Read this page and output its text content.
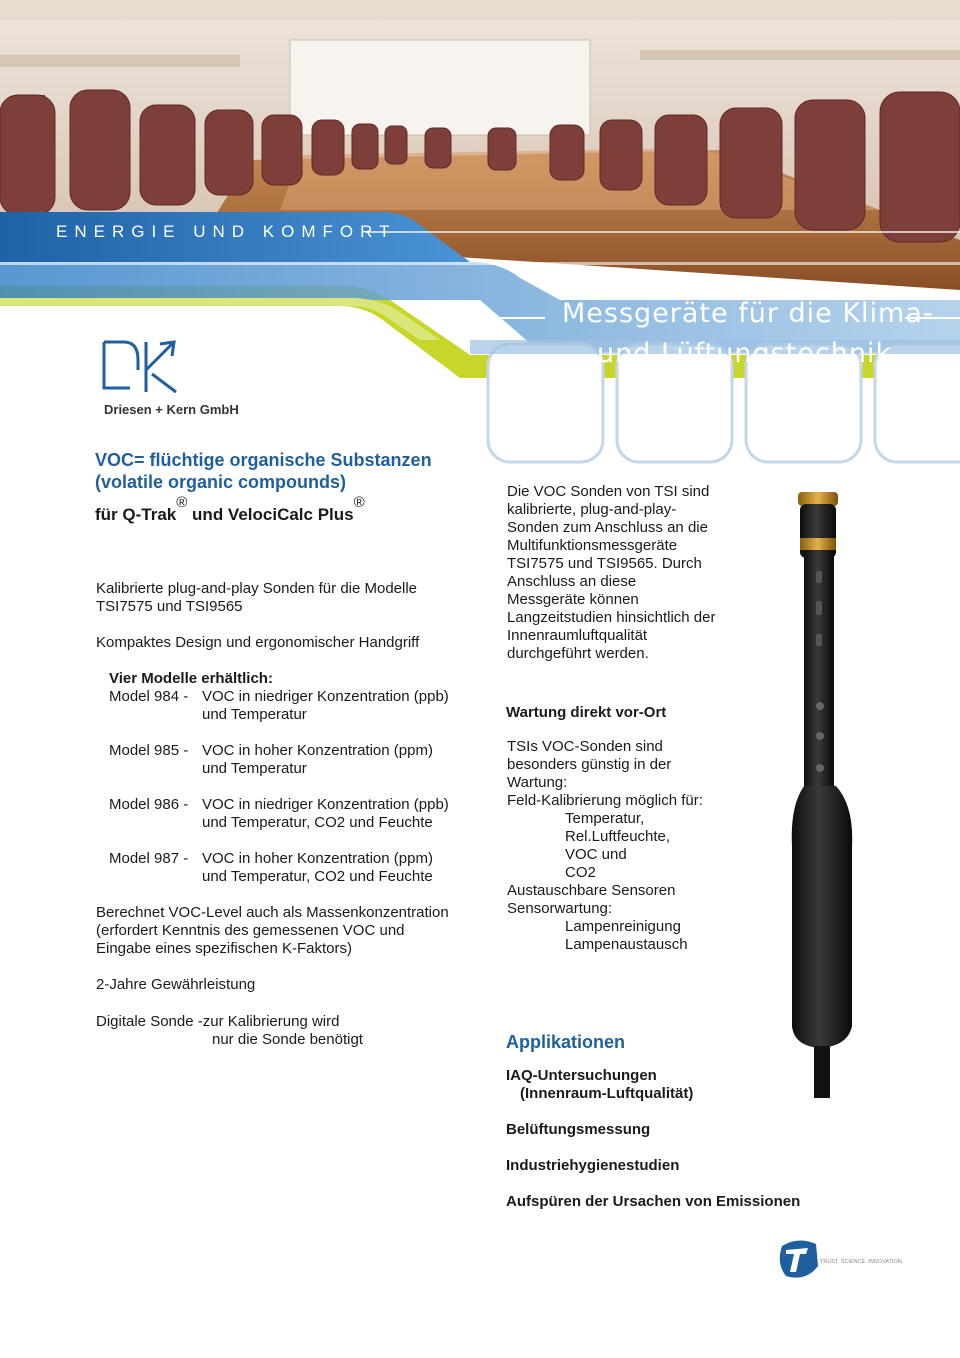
ENERGIE UND KOMFORT
Messgeräte für die Klima-
und Lüftungstechnik
Driesen + Kern GmbH
VOC= flüchtige organische Substanzen
(volatile organic compounds)
für Q-Trak® und VelociCalc Plus®
Kalibrierte plug-and-play Sonden für die Modelle
TSI7575 und TSI9565
Kompaktes Design und ergonomischer Handgriff
Vier Modelle erhältlich:
Model 984 - VOC in niedriger Konzentration (ppb)
und Temperatur
Model 985 - VOC in hoher Konzentration (ppm)
und Temperatur
Model 986 - VOC in niedriger Konzentration (ppb)
und Temperatur, CO2 und Feuchte
Model 987 - VOC in hoher Konzentration (ppm)
und Temperatur, CO2 und Feuchte
Berechnet VOC-Level auch als Massenkonzentration
(erfordert Kenntnis des gemessenen VOC und
Eingabe eines spezifischen K-Faktors)
2-Jahre Gewährleistung
Digitale Sonde -zur Kalibrierung wird
nur die Sonde benötigt
Die VOC Sonden von TSI sind
kalibrierte, plug-and-play-
Sonden zum Anschluss an die
Multifunktionsmessgeräte
TSI7575 und TSI9565. Durch
Anschluss an diese
Messgeräte können
Langzeitstudien hinsichtlich der
Innenraumluftqualität
durchgeführt werden.
Wartung direkt vor-Ort
TSIs VOC-Sonden sind
besonders günstig in der
Wartung:
Feld-Kalibrierung möglich für:
Temperatur,
Rel.Luftfeuchte,
VOC und
CO2
Austauschbare Sensoren
Sensorwartung:
Lampenreinigung
Lampenaustausch
Applikationen
IAQ-Untersuchungen
(Innenraum-Luftqualität)
Belüftungsmessung
Industriehygienestudien
Aufspüren der Ursachen von Emissionen
TRUST. SCIENCE. INNOVATION.
